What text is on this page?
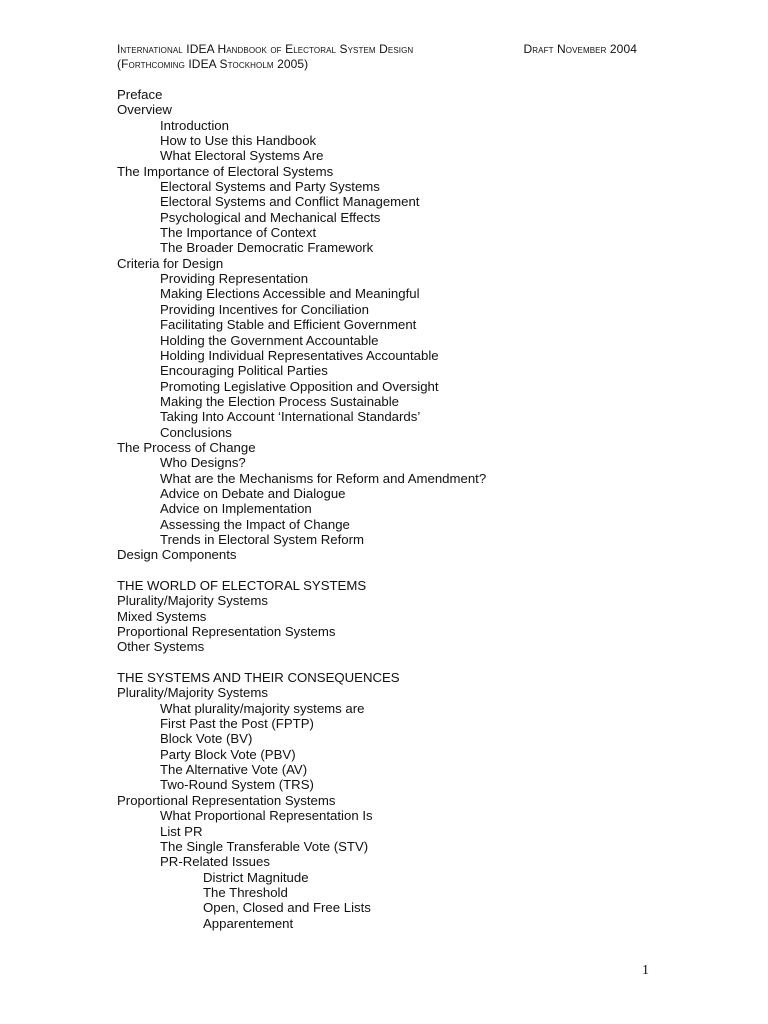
International IDEA Handbook of Electoral System Design	Draft November 2004
(Forthcoming IDEA Stockholm 2005)
Preface
Overview
Introduction
How to Use this Handbook
What Electoral Systems Are
The Importance of Electoral Systems
Electoral Systems and Party Systems
Electoral Systems and Conflict Management
Psychological and Mechanical Effects
The Importance of Context
The Broader Democratic Framework
Criteria for Design
Providing Representation
Making Elections Accessible and Meaningful
Providing Incentives for Conciliation
Facilitating Stable and Efficient Government
Holding the Government Accountable
Holding Individual Representatives Accountable
Encouraging Political Parties
Promoting Legislative Opposition and Oversight
Making the Election Process Sustainable
Taking Into Account ‘International Standards’
Conclusions
The Process of Change
Who Designs?
What are the Mechanisms for Reform and Amendment?
Advice on Debate and Dialogue
Advice on Implementation
Assessing the Impact of Change
Trends in Electoral System Reform
Design Components
THE WORLD OF ELECTORAL SYSTEMS
Plurality/Majority Systems
Mixed Systems
Proportional Representation Systems
Other Systems
THE SYSTEMS AND THEIR CONSEQUENCES
Plurality/Majority Systems
What plurality/majority systems are
First Past the Post (FPTP)
Block Vote (BV)
Party Block Vote (PBV)
The Alternative Vote (AV)
Two-Round System (TRS)
Proportional Representation Systems
What Proportional Representation Is
List PR
The Single Transferable Vote (STV)
PR-Related Issues
District Magnitude
The Threshold
Open, Closed and Free Lists
Apparentement
1
